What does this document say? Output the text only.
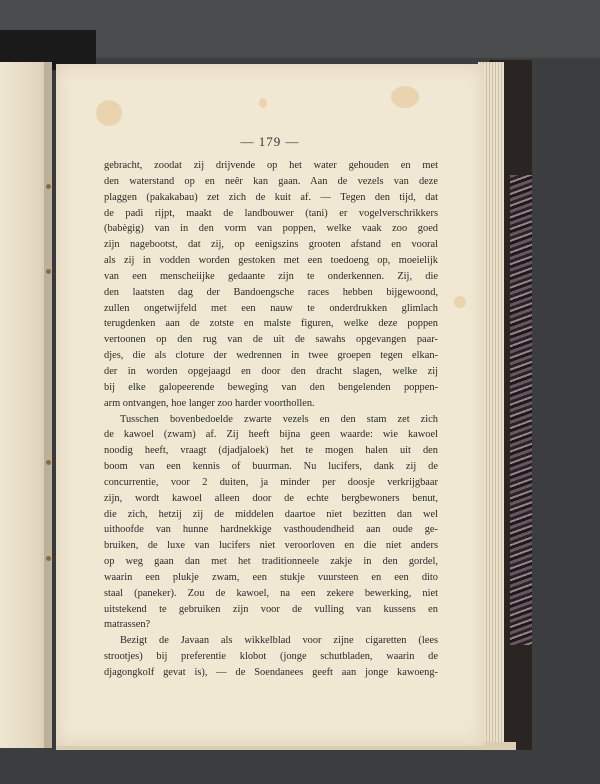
— 179 —
gebracht, zoodat zij drijvende op het water gehouden en met
den waterstand op en neêr kan gaan. Aan de vezels van deze
plaggen (pakakabau) zet zich de kuit af. — Tegen den tijd, dat
de padi rijpt, maakt de landbouwer (tani) er vogelverschrikkers
(babègig) van in den vorm van poppen, welke vaak zoo goed
zijn nagebootst, dat zij, op eenigszins grooten afstand en vooral
als zij in vodden worden gestoken met een toedoeng op, moeielijk
van een menscheiijke gedaante zijn te onderkennen. Zij, die
den laatsten dag der Bandoengsche races hebben bijgewoond,
zullen ongetwijfeld met een nauw te onderdrukken glimlach
terugdenken aan de zotste en malste figuren, welke deze poppen
vertoonen op den rug van de uit de sawahs opgevangen paar-
djes, die als cloture der wedrennen in twee groepen tegen elkan-
der in worden opgejaagd en door den dracht slagen, welke zij
bij elke galopeerende beweging van den bengelenden poppen-
arm ontvangen, hoe langer zoo harder voorthollen.
Tusschen bovenbedoelde zwarte vezels en den stam zet zich
de kawoel (zwam) af. Zij heeft bijna geen waarde: wie kawoel
noodig heeft, vraagt (djadjaloek) het te mogen halen uit den
boom van een kennis of buurman. Nu lucifers, dank zij de
concurrentie, voor 2 duiten, ja minder per doosje verkrijgbaar
zijn, wordt kawoel alleen door de echte bergbewoners benut,
die zich, hetzij zij de middelen daartoe niet bezitten dan wel
uithoofde van hunne hardnekkige vasthoudendheid aan oude ge-
bruiken, de luxe van lucifers niet veroorloven en die niet anders
op weg gaan dan met het traditionneele zakje in den gordel,
waarin een plukje zwam, een stukje vuursteen en een dito
staal (paneker). Zou de kawoel, na een zekere bewerking, niet
uitstekend te gebruiken zijn voor de vulling van kussens en
matrassen?
Bezigt de Javaan als wikkelblad voor zijne cigaretten (lees
strootjes) bij preferentie klobot (jonge schutbladen, waarin de
djagongkolf gevat is), — de Soendanees geeft aan jonge kawoeng-
